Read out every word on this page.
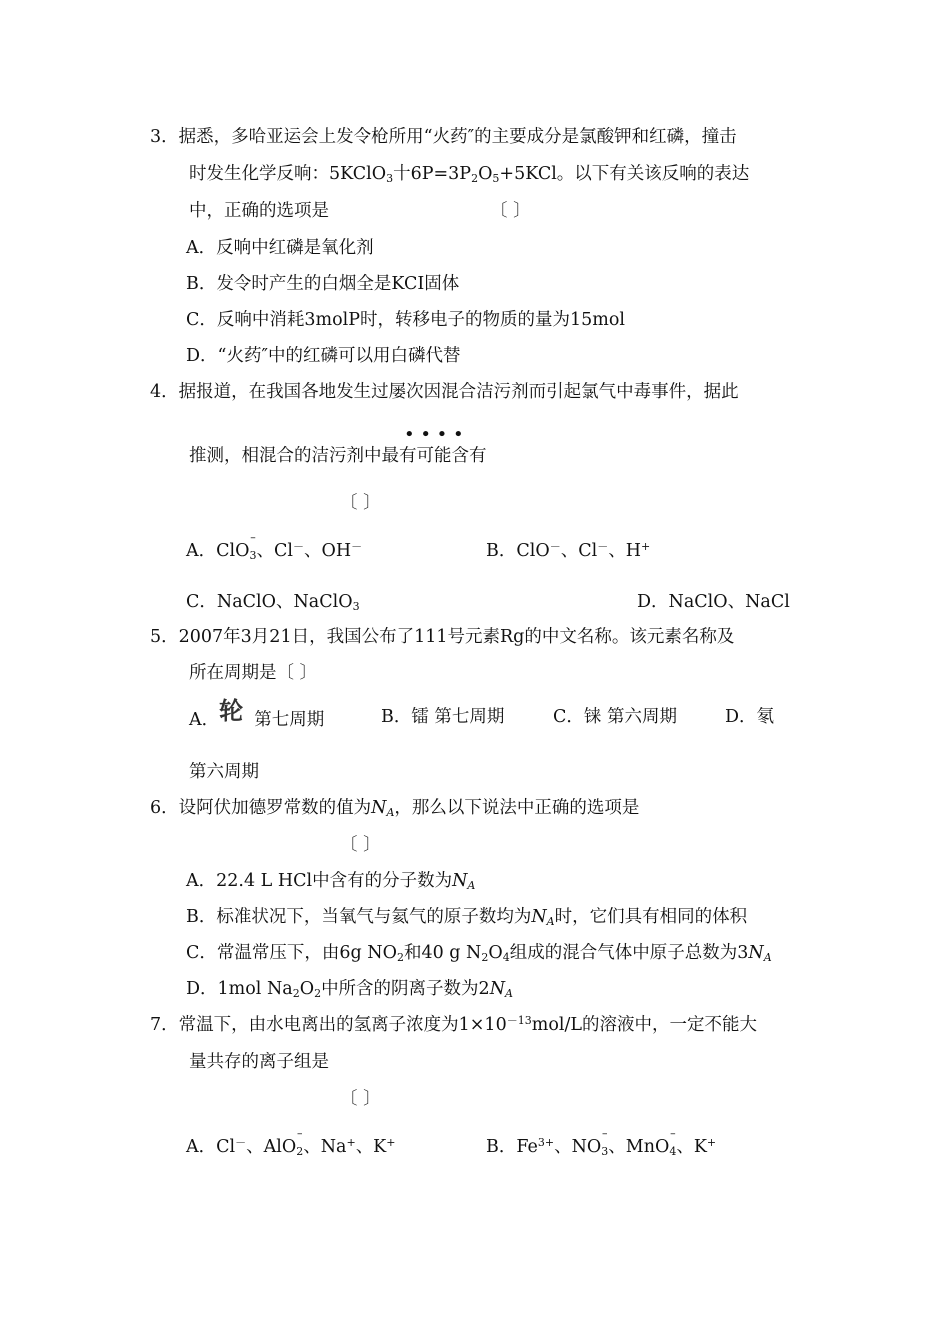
3．据悉，多哈亚运会上发令枪所用“火药″的主要成分是氯酸钾和红磷，撞击
时发生化学反响：5KClO$_3$十$6P=3P_2O_5+5KCl$。以下有关该反响的表达
中，正确的选项是	〔 〕
A．反响中红磷是氧化剂
B．发令时产生的白烟全是KCI固体
C．反响中消耗3molP时，转移电子的物质的量为15mol
D．“火药″中的红磷可以用白磷代替
4．据报道，在我国各地发生过屡次因混合洁污剂而引起氯气中毒事件，据此
• • • •
推测，相混合的洁污剂中最有可能含有
〔 〕
A．ClO
–
$_3$、Cl－、OH－	B．ClO－、Cl－、H+
C．NaClO、NaClO$_3$	D．NaClO、NaCl
5．2007年3月21日，我国公布了111号元素Rg的中文名称。该元素名称及
所在周期是〔 〕
A．轮 第七周期	B．镭 第七周期	C．铼 第六周期	D．氡
第六周期
6．设阿伏加德罗常数的值为$N_A$，那么以下说法中正确的选项是
〔 〕
A．22.4 L HCl中含有的分子数为$N_A$
B．标准状况下，当氧气与氦气的原子数均为$N_A$时，它们具有相同的体积
C．常温常压下，由6g $NO_2$和40 g $N_2O_4$组成的混合气体中原子总数为$3N_A$
D．1mol $Na_2O_2$中所含的阴离子数为$2N_A$
7．常温下，由水电离出的氢离子浓度为$1\times 10^{-13}mol/L$的溶液中，一定不能大
量共存的离子组是
〔 〕
A．Cl－、AlO
–
$_2$、Na+、K+	B．$Fe^{3+}$、NO
–
$_3$、MnO
–
$_4$、K+
